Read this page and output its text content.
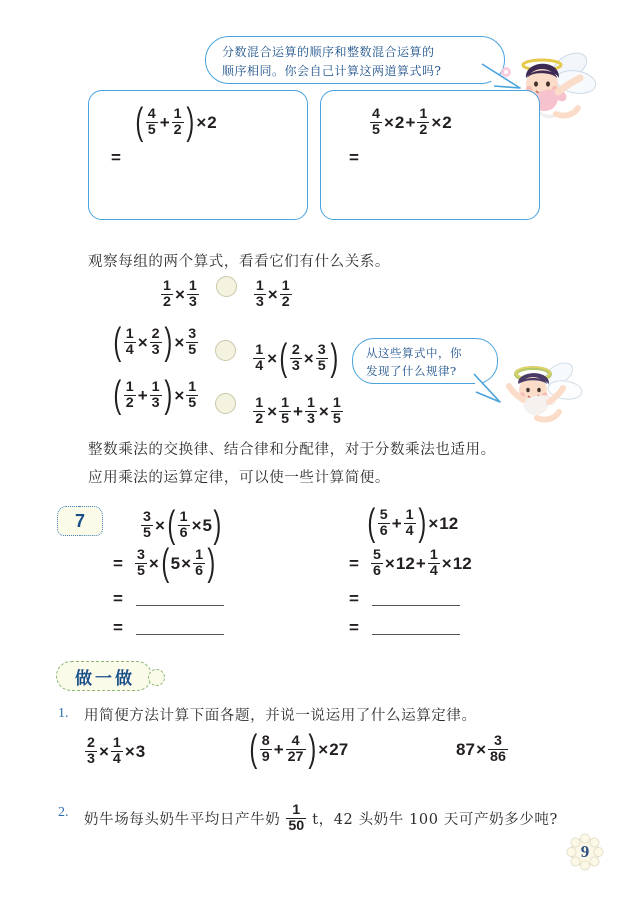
分数混合运算的顺序和整数混合运算的
顺序相同。你会自己计算这两道算式吗?
( $\frac{4}{5} + \frac{1}{2}$ ) × 2
=
$\frac{4}{5} \times 2 + \frac{1}{2} \times 2$
=
观察每组的两个算式，看看它们有什么关系。
$\frac{1}{2} \times \frac{1}{3}$
	$\frac{1}{3} \times \frac{1}{2}$
( $\frac{1}{4} \times \frac{2}{3}$ ) × $\frac{3}{5}$

$\frac{1}{4}$ × ( $\frac{2}{3} \times \frac{3}{5}$ )
( $\frac{1}{2} + \frac{1}{3}$ ) × $\frac{1}{5}$

$\frac{1}{2} \times \frac{1}{5} + \frac{1}{3} \times \frac{1}{5}$
从这些算式中，你
发现了什么规律?
整数乘法的交换律、结合律和分配律，对于分数乘法也适用。
应用乘法的运算定律，可以使一些计算简便。
7	$\frac{3}{5}$ × ( $\frac{1}{6} \times 5$ )
= $\frac{3}{5}$ × ( $5 \times \frac{1}{6}$ )
=
=
( $\frac{5}{6} + \frac{1}{4}$ ) × 12
= $\frac{5}{6} \times 12 + \frac{1}{4} \times 12$
=
=
做一做
1. 用简便方法计算下面各题，并说一说运用了什么运算定律。
$\frac{2}{3} \times \frac{1}{4} \times 3$	( $\frac{8}{9} + \frac{4}{27}$ ) × 27	$87 \times \frac{3}{86}$
2. 奶牛场每头奶牛平均日产牛奶 $\frac{1}{50}$ t，42 头奶牛 100 天可产奶多少吨?
9
